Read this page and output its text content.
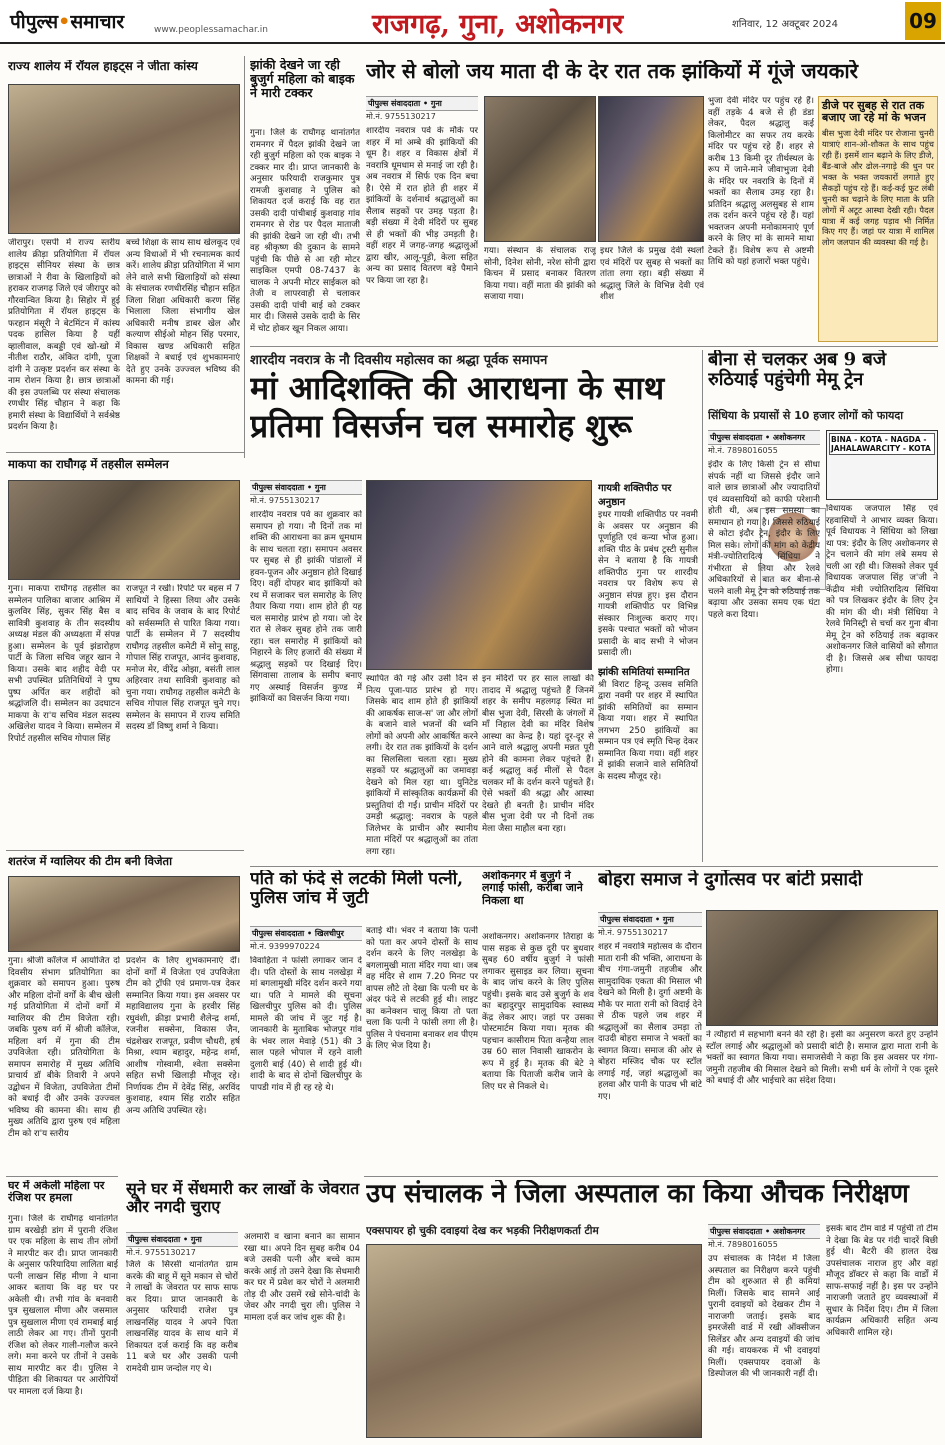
पीपुल्स•समाचार	www.peoplessamachar.in	राजगढ़, गुना, अशोकनगर	शनिवार, 12 अक्टूबर 2024	09
राज्य शालेय में रॉयल हाइट्स ने जीता कांस्य
जीरापुर। एसपी में राज्य स्तरीय शालेय क्रीड़ा प्रतियोगिता में रॉयल हाइट्स सीनियर संस्था के छात्र छात्राओं ने रीवा के खिलाड़ियों को हराकर राजगढ़ जिले एवं जीरापुर को गौरवान्वित किया है। सिहोर में हुई प्रतियोगिता में रॉयल हाइट्स के फरहान मंसूरी ने बेटमिंटन में कांस्य पदक हासिल किया है यहीं व्हालीवाल, कबड्डी एवं खो-खो में नीतीश राठौर, अंकित दांगी, पूजा दांगी ने उत्कृष्ट प्रदर्शन कर संस्था के नाम रोशन किया है। छात्र छात्राओं की इस उपलब्धि पर संस्था संचालक रणधीर सिंह चौहान ने कहा कि हमारी संस्था के विद्यार्थियों ने सर्वश्रेष्ठ प्रदर्शन किया है।
बच्चे शिक्षा के साथ साथ खेलकूद एवं अन्य विधाओं में भी रचनात्मक कार्य करें। शालेय क्रीड़ा प्रतियोगिता में भाग लेने वाले सभी खिलाड़ियों को संस्था के संचालक रणधीरसिंह चौहान सहित जिला शिक्षा अधिकारी करण सिंह भिलाला जिला संभागीय खेल अधिकारी मनीष डाबर खेल और कल्याण सीईओ मोहन सिंह परमार, विकास खण्ड अधिकारी सहित शिक्षकों ने बधाई एवं शुभकामनाएं देते हुए उनके उज्ज्वल भविष्य की कामना की गई।
झांकी देखने जा रही बुजुर्ग महिला को बाइक ने मारी टक्कर
गुना। जिले के राघौगढ़ थानांतर्गत रामनगर में पैदल झांकी देखने जा रही बुजुर्ग महिला को एक बाइक ने टक्कर मार दी। प्राप्त जानकारी के अनुसार फरियादी राजकुमार पुत्र रामजी कुशवाह ने पुलिस को शिकायत दर्ज कराई कि वह रात उसकी दादी पांचीबाई कुशवाह गांव रामनगर से रोड पर पैदल माताजी की झांकी देखने जा रही थी। तभी वह श्रीकृष्ण की दुकान के सामने पहुंची कि पीछे से आ रही मोटर साइकिल एमपी 08-7437 के चालक ने अपनी मोटर साईकल को तेजी व लापरवाही से चलाकर उसकी दादी पांची बाई को टक्कर मार दी। जिससे उसके दादी के सिर में चोट होकर खून निकल आया।
माकपा का राघौगढ़ में तहसील सम्मेलन
गुना। माकपा राघौगढ़ तहसील का सम्मेलन पालिका बाजार आश्रिम में कुलविर सिंह, सुकर सिंह बैस व सावित्री कुशवाह के तीन सदस्यीय अध्यक्ष मंडल की अध्यक्षता में संपन्न हुआ। सम्मेलन के पूर्व झंडारोहण पार्टी के जिला सचिव जहूर खान ने किया। उसके बाद शहीद वेदी पर सभी उपस्थित प्रतिनिधियों ने पुष्प पुष्प अर्पित कर शहीदों को श्रद्धांजलि दी। सम्मेलन का उदघाटन माकपा के रा'य सचिव मंडल सदस्य अखिलेश यादव ने किया। सम्मेलन में रिपोर्ट तहसील सचिव गोपाल सिंह
राजपूत ने रखी। रिपोर्ट पर बहस में 7 साथियों ने हिस्सा लिया और उसके बाद सचिव के जवाब के बाद रिपोर्ट को सर्वसम्मति से पारित किया गया। पार्टी के सम्मेलन में 7 सदस्यीय राघौगढ़ तहसील कमेटी में सोनू साहू, गोपाल सिंह राजपूत, आनंद कुशवाह, मनोज मेर, वीरेंद्र ओझा, बसंती लाल अहिरवार तथा सावित्री कुशवाह को चुना गया। राघौगढ़ तहसील कमेटी के सचिव गोपाल सिंह राजपूत चुने गए। सम्मेलन के समापन में राज्य समिति सदस्य डॉ विष्णु शर्मा ने किया।
शतरंज में ग्वालियर की टीम बनी विजेता
गुना। श्रीजी कॉलेज में आयोजित दो दिवसीय संभाग प्रतियोगिता का शुक्रवार को समापन हुआ। पुरुष और महिला दोनों वर्गों के बीच खेली गई प्रतियोगिता में दोनों वर्गों में ग्वालियर की टीम विजेता रही। जबकि पुरुष वर्ग में श्रीजी कॉलेज, महिला वर्ग में गुना की टीम उपविजेता रही। प्रतियोगिता के समापन समारोह में मुख्य अतिथि प्राचार्य डॉ बीके तिवारी ने अपने उद्बोधन में विजेता, उपविजेता टीमों को बधाई दी और उनके उज्ज्वल भविष्य की कामना की। साथ ही मुख्य अतिथि द्वारा पुरुष एवं महिला टीम को रा'य स्तरीय
प्रदर्शन के लिए शुभकामनाएं दीं। दोनों वर्गों में विजेता एवं उपविजेता टीम को ट्रॉफी एवं प्रमाण-पत्र देकर सम्मानित किया गया। इस अवसर पर महाविद्यालय गुना के हरवीर सिंह रघुवंशी, क्रीड़ा प्रभारी शैलेन्द्र शर्मा, रजनीश सक्सेना, विकास जैन, चंद्रशेखर राजपूत, प्रवीण चौधरी, हर्ष मिश्रा, श्याम बहादुर, महेन्द्र शर्मा, आशीष गोस्वामी, श्वेता सक्सेना सहित सभी खिलाड़ी मौजूद रहे। निर्णायक टीम में देवेंद्र सिंह, अरविंद कुशवाह, श्याम सिंह राठौर सहित अन्य अतिथि उपस्थित रहे।
घर में अकेली महिला पर रंजिश पर हमला
गुना। जिले के राघौगढ़ थानांतर्गत ग्राम बरखेड़ी डांग में पुरानी रंजिश पर एक महिला के साथ तीन लोगों ने मारपीट कर दी। प्राप्त जानकारी के अनुसार फरियादिया लालिता बाई पत्नी लाखन सिंह मीणा ने थाना आकर बताया कि वह घर पर अकेली थी। तभी गांव के बनवारी पुत्र सुखलाल मीणा और जसमाल पुत्र सुखलाल मीणा एवं रामबाई बाई लाठी लेकर आ गए। तीनों पुरानी रंजिश को लेकर गाली-गलौज करने लगे। मना करने पर तीनों ने उसके साथ मारपीट कर दी। पुलिस ने पीड़िता की शिकायत पर आरोपियों पर मामला दर्ज किया है।
सूने घर में सेंधमारी कर लाखों के जेवरात और नगदी चुराए
पीपुल्स संवाददाता • गुना
मो.नं. 9755130217
जिले के सिरसी थानांतर्गत ग्राम करके की बाहू में सूने मकान से चोरों ने लाखों के जेवरात पर साफ साफ कर दिया। प्राप्त जानकारी के अनुसार फरियादी राजेश पुत्र लाखनसिंह यादव ने अपने पिता लाखनसिंह यादव के साथ थाने में शिकायत दर्ज कराई कि वह करीब 11 बजे घर और उसकी पत्नी रामदेवी ग्राम जन्दोल गए थे।
अलमारी व खाना बनाने का सामान रखा था। अपने दिन सुबह करीब 04 बजे उसकी पत्नी और बच्चे काम करके आई तो उसने देखा कि सेधमारी कर घर में प्रवेश कर चोरों ने अलमारी तोड़ दी और उसमें रखे सोने-चांदी के जेवर और नगदी चुरा ली। पुलिस ने मामला दर्ज कर जांच शुरू की है।
जोर से बोलो जय माता दी के देर रात तक झांकियों में गूंजे जयकारे
पीपुल्स संवाददाता • गुना
मो.नं. 9755130217
शारदीय नवरात्र पर्व के मौके पर शहर में मां अम्बे की झांकियों की धूम है। शहर व विकास क्षेत्रों में नवरात्रि धूमधाम से मनाई जा रही है। अब नवरात्र में सिर्फ एक दिन बचा है। ऐसे में रात होते ही शहर में झांकियों के दर्शनार्थ श्रद्धालुओं का सैलाब सड़कों पर उमड़ पड़ता है। बड़ी संख्या में देवी मंदिरों पर सुबह से ही भक्तों की भीड़ उमड़ती है। वहीं शहर में जगह-जगह श्रद्धालुओं द्वारा खीर, आलू-पूड़ी, केला सहित अन्य का प्रसाद वितरण बड़े पैमाने पर किया जा रहा है।
गया। संस्थान के संचालक राजू सोनी, दिनेश सोनी, नरेश सोनी द्वारा किचन में प्रसाद बनाकर वितरण किया गया। वहीं माता की झांकी को सजाया गया।
इधर जिले के प्रमुख देवी स्थलों एवं मंदिरों पर सुबह से भक्तों का तांता लगा रहा। बड़ी संख्या में श्रद्धालु जिले के विभिन्न देवी एवं शीश
भुजा देवी मंदिर पर पहुंच रहे हैं। वहीं तड़के 4 बजे से ही डंडा लेकर, पैदल श्रद्धालु कई किलोमीटर का सफर तय करके मंदिर पर पहुंच रहे हैं। शहर से करीब 13 किमी दूर तीर्थस्थल के रूप में जाने-माने जीवाभुजा देवी के मंदिर पर नवरात्रि के दिनों में भक्तों का सैलाब उमड़ रहा है। प्रतिदिन श्रद्धालु अलसुबह से शाम तक दर्शन करने पहुंच रहे हैं। यहां भक्तजन अपनी मनोकामनाएं पूर्ण करने के लिए मां के सामने माथा टेकते हैं। विशेष रूप से अष्टमी तिथि को यहां हजारों भक्त पहुंचे।
डीजे पर सुबह से रात तक बजाए जा रहे मां के भजन
बीस भुजा देवी मंदिर पर रोजाना चुनरी यात्राएं शान-ओ-शौकत के साथ पहुंच रही हैं। इसमें शान बढ़ाने के लिए डीजे, बैंड-बाजे और ढोल-नगाड़े की धुन पर भक्त के भक्त जयकारों लगाते हुए सैकड़ों पहुंच रहे हैं। कई-कई फुट लंबी चुनरी का चढ़ाने के लिए माता के प्रति लोगों में अटूट आस्था देखी रही। पैदल यात्रा में कई जगह पड़ाव भी निर्मित किए गए हैं। जहां पर यात्रा में शामिल लोग जलपान की व्यवस्था की गई है।
शारदीय नवरात्र के नौ दिवसीय महोत्सव का श्रद्धा पूर्वक समापन
मां आदिशक्ति की आराधना के साथ प्रतिमा विसर्जन चल समारोह शुरू
पीपुल्स संवाददाता • गुना
मो.नं. 9755130217
शारदीय नवरात्र पर्व का शुक्रवार को समापन हो गया। नौ दिनों तक मां शक्ति की आराधना का क्रम धूमधाम के साथ चलता रहा। समापन अवसर पर सुबह से ही झांकी पांडालों में हवन-पूजन और अनुष्ठान होते दिखाई दिए। वहीं दोपहर बाद झांकियों को रथ में सजाकर चल समारोह के लिए तैयार किया गया। शाम होते ही यह चल समारोह प्रारंभ हो गया। जो देर रात से लेकर सुबह होने तक जारी रहा। चल समारोह में झांकियों को निहारने के लिए हजारों की संख्या में श्रद्धालु सड़कों पर दिखाई दिए। सिंगवासा तालाब के समीप बनाए गए अस्थाई विसर्जन कुण्ड में झांकियों का विसर्जन किया गया।
स्थापित की गई और उसी दिन से नित्य पूजा-पाठ प्रारंभ हो गए। जिसके बाद शाम होते ही झांकियों की आकर्षक साज-स' जा और लोगों के बजाने वाले भजनों की ध्वनि लोगों को अपनी ओर आकर्षित करने लगी। देर रात तक झांकियों के दर्शन का सिलसिला चलता रहा। मुख्य सड़कों पर श्रद्धालुओं का जमावड़ा देखने को मिल रहा था। युनिटेड झांकियों में सांस्कृतिक कार्यक्रमों की प्रस्तुतियां दी गईं। प्राचीन मंदिरों पर उमड़ी श्रद्धालु: नवरात्र के पहले जिलेभर के प्राचीन और स्थानीय माता मंदिरों पर श्रद्धालुओं का तांता लगा रहा।
इन मंदिरों पर हर साल लाखों की तादाद में श्रद्धालु पहुंचते हैं जिनमें शहर के समीप महलगढ़ स्थित मां बीस भुजा देवी, सिरसी के जंगलों में माँ निहाल देवी का मंदिर विशेष आस्था का केन्द्र है। यहां दूर-दूर से आने वाले श्रद्धालु अपनी मन्नत पूरी होने की कामना लेकर पहुंचते हैं। कई श्रद्धालु कई मीलों से पैदल चलकर माँ के दर्शन करने पहुंचते हैं। ऐसे भक्तों की श्रद्धा और आस्था देखते ही बनती है। प्राचीन मंदिर बीस भुजा देवी पर नौ दिनों तक मेला जैसा माहौल बना रहा।
गायत्री शक्तिपीठ पर अनुष्ठान
इधर गायत्री शक्तिपीठ पर नवमी के अवसर पर अनुष्ठान की पूर्णाहुति एवं कन्या भोज हुआ। शक्ति पीठ के प्रबंध ट्रस्टी सुनील सेन ने बताया है कि गायत्री शक्तिपीठ गुना पर शारदीय नवरात्र पर विशेष रूप से अनुष्ठान संपन्न हुए। इस दौरान गायत्री शक्तिपीठ पर विभिन्न संस्कार निःशुल्क कराए गए। इसके पश्चात भक्तों को भोजन प्रसादी के बाद सभी ने भोजन प्रसादी ली।
झांकी समितियां सम्मानित
श्री विराट हिन्दू उत्सव समिति द्वारा नवमी पर शहर में स्थापित झांकी समितियों का सम्मान किया गया। शहर में स्थापित लगभग 250 झांकियों का सम्मान पत्र एवं स्मृति चिन्ह देकर सम्मानित किया गया। वहीं शहर में झांकी सजाने वाले समितियों के सदस्य मौजूद रहे।
बीना से चलकर अब 9 बजे रुठियाई पहुंचेगी मेमू ट्रेन
सिंधिया के प्रयासों से 10 हजार लोगों को फायदा
पीपुल्स संवाददाता • अशोकनगर
मो.नं. 7898016055
BINA - KOTA - NAGDA - JAHALAWARCITY - KOTA
इंदौर के लिए किसी ट्रेन से सीधा संपर्क नहीं था जिससे इंदौर जाने वाले छात्र छात्राओं और ज्यादातियों एवं व्यवसायियों को काफी परेशानी होती थी, अब इस समस्या का समाधान हो गया है। जिससे रुठियाई से कोटा इंदौर ट्रेन, इंदौर के लिए मिल सके। लोगों की मांग को केंद्रीय मंत्री-ज्योतिरादित्य सिंधिया ने गंभीरता से लिया और रेलवे अधिकारियों से बात कर बीना-से चलने वाली मेमू ट्रेन को रुठियाई तक बढ़ाया और उसका समय एक घंटा पहले करा दिया।
विधायक जजपाल सिंह एवं रहवासियों ने आभार व्यक्त किया। पूर्व विधायक ने सिंधिया को लिखा था पत्र: इंदौर के लिए अशोकनगर से ट्रेन चलाने की मांग लंबे समय से चली आ रही थी। जिसको लेकर पूर्व विधायक जजपाल सिंह ज'जी ने केंद्रीय मंत्री ज्योतिरादित्य सिंधिया को पत्र लिखकर इंदौर के लिए ट्रेन की मांग की थी। मंत्री सिंधिया ने रेलवे मिनिस्ट्री से चर्चा कर गुना बीना मेमू ट्रेन को रुठियाई तक बढ़ाकर अशोकनगर जिले वासियों को सौगात दी है। जिससे अब सीधा फायदा होगा।
पति को फंदे से लटकी मिली पत्नी, पुलिस जांच में जुटी
पीपुल्स संवाददाता • खिलचीपुर
मो.नं. 9399970224
विवाहिता ने फांसी लगाकर जान दे दी। पति दोस्तों के साथ नलखेड़ा में मां बगलामुखी मंदिर दर्शन करने गया था। पति ने मामले की सूचना खिलचीपुर पुलिस को दी। पुलिस मामले की जांच में जुट गई है। जानकारी के मुताबिक भोजपुर गांव के भंवर लाल मेवाड़े (51) की 3 साल पहले भोपाल में रहने वाली दुलारी बाई (40) से शादी हुई थी। शादी के बाद से दोनों खिलचीपुर के पापडी गांव में ही रह रहे थे।
बताई थी। भंवर ने बताया कि पत्नी को पता कर अपने दोस्तों के साथ दर्शन करने के लिए नलखेड़ा के बगलामुखी माता मंदिर गया था। जब वह मंदिर से शाम 7.20 मिनट पर वापस लौटे तो देखा कि पत्नी घर के अंदर फंदे से लटकी हुई थी। लाइट का कनेक्शन चालू किया तो पता चला कि पत्नी ने फांसी लगा ली है। पुलिस ने पंचनामा बनाकर शव पीएम के लिए भेज दिया है।
अशोकनगर में बुजुर्ग ने लगाई फांसी, करीबा जाने निकला था
अशोकनगर। अशोकनगर तिराहा के पास सड़क से कुछ दूरी पर बुधवार सुबह 60 वर्षीय बुजुर्ग ने फांसी लगाकर सुसाइड कर लिया। सूचना के बाद जांच करने के लिए पुलिस पहुंची। इसके बाद उसे बुजुर्ग के शव का बहादुरपुर सामुदायिक स्वास्थ्य केंद्र लेकर आए। जहां पर उसका पोस्टमार्टम किया गया। मृतक की पहचान कासीराम पिता कन्हैया लाल उम्र 60 साल निवासी खाकरोन के रूप में हुई है। मृतक की बेटे ने बताया कि पिताजी करीब जाने के लिए घर से निकले थे।
बोहरा समाज ने दुर्गोत्सव पर बांटी प्रसादी
पीपुल्स संवाददाता • गुना
मो.नं. 9755130217
शहर में नवरात्रि महोत्सव के दौरान माता रानी की भक्ति, आराधना के बीच गंगा-जमुनी तहजीब और सामुदायिक एकता की मिसाल भी देखने को मिली है। दुर्गा अष्टमी के मौके पर माता रानी को विदाई देने से ठीक पहले जब शहर में श्रद्धालुओं का सैलाब उमड़ा तो दाउदी बोहरा समाज ने भक्तों का स्वागत किया। समाज की ओर से बोहरा मस्जिद चौक पर स्टॉल लगाई गई, जहां श्रद्धालुओं का हलवा और पानी के पाउच भी बांटे गए।
ने त्यौहारों में सहभागी बनने की रही है। इसी का अनुसरण करते हुए उन्होंने स्टॉल लगाई और श्रद्धालुओं को प्रसादी बांटी है। समाज द्वारा माता रानी के भक्तों का स्वागत किया गया। समाजसेवी ने कहा कि इस अवसर पर गंगा-जमुनी तहजीब की मिसाल देखने को मिली। सभी धर्म के लोगों ने एक दूसरे को बधाई दी और भाईचारे का संदेश दिया।
उप संचालक ने जिला अस्पताल का किया औचक निरीक्षण
एक्सपायर हो चुकी दवाइयां देख कर भड़की निरीक्षणकर्ता टीम	पीपुल्स संवाददाता • अशोकनगर
मो.नं. 7898016055
उप संचालक के निर्देश में जिला अस्पताल का निरीक्षण करने पहुंची टीम को शुरुआत से ही कमियां मिलीं। जिसके बाद सामने आई पुरानी दवाइयों को देखकर टीम ने नाराजगी जताई। इसके बाद इमरजेंसी वार्ड में रखी ऑक्सीजन सिलेंडर और अन्य दवाइयों की जांच की गई। वायकरक में भी दवाइयां मिलीं। एक्सपायर दवाओं के डिस्पोजल की भी जानकारी नहीं दी।
इसके बाद टीम वार्ड में पहुंची तो टीम ने देखा कि बेड पर गंदी चादरें बिछी हुई थी। बैटरी की हालत देख उपसंचालक नाराज हुए और वहां मौजूद डॉक्टर से कहा कि वार्डों में साफ-सफाई नहीं है। इस पर उन्होंने नाराजगी जताते हुए व्यवस्थाओं में सुधार के निर्देश दिए। टीम में जिला कार्यक्रम अधिकारी सहित अन्य अधिकारी शामिल रहे।
